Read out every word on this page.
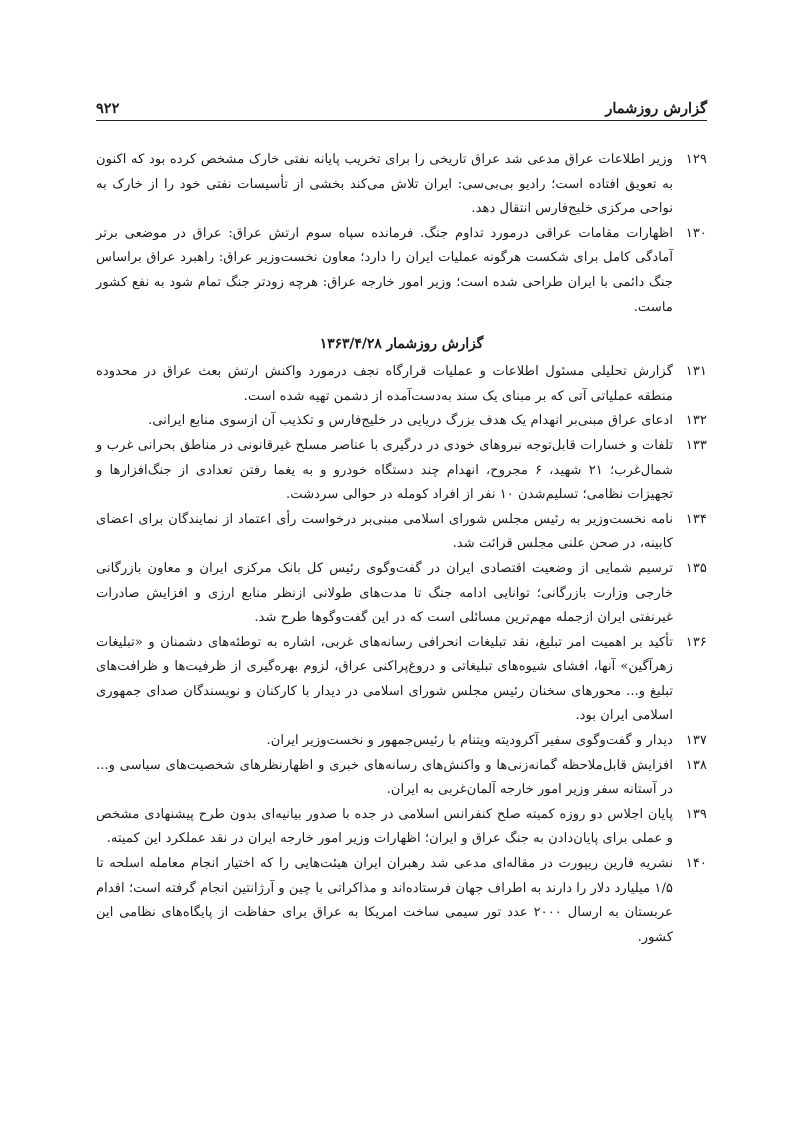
گزارش روزشمار
۹۲۲
۱۲۹
وزیر اطلاعات عراق مدعی شد عراق تاریخی را برای تخریب پایانه نفتی خارک مشخص کرده بود که اکنون به تعویق افتاده است؛ رادیو بی‌بی‌سی: ایران تلاش می‌کند بخشی از تأسیسات نفتی خود را از خارک به نواحی مرکزی خلیج‌فارس انتقال دهد.
۱۳۰
اظهارات مقامات عراقی درمورد تداوم جنگ. فرمانده سپاه سوم ارتش عراق: عراق در موضعی برتر آمادگی کامل برای شکست هرگونه عملیات ایران را دارد؛ معاون نخست‌وزیر عراق: راهبرد عراق براساس جنگ دائمی با ایران طراحی شده است؛ وزیر امور خارجه عراق: هرچه زودتر جنگ تمام شود به نفع کشور ماست.
گزارش روزشمار ۱۳۶۳/۴/۲۸
۱۳۱
گزارش تحلیلی مسئول اطلاعات و عملیات قرارگاه نجف درمورد واکنش ارتش بعث عراق در محدوده منطقه عملیاتی آتی که بر مبنای یک سند به‌دست‌آمده از دشمن تهیه شده است.
۱۳۲
ادعای عراق مبنی‌بر انهدام یک هدف بزرگ دریایی در خلیج‌فارس و تکذیب آن ازسوی منابع ایرانی.
۱۳۳
تلفات و خسارات قابل‌توجه نیروهای خودی در درگیری با عناصر مسلح غیرقانونی در مناطق بحرانی غرب و شمال‌غرب؛ ۲۱ شهید، ۶ مجروح، انهدام چند دستگاه خودرو و به یغما رفتن تعدادی از جنگ‌افزارها و تجهیزات نظامی؛ تسلیم‌شدن ۱۰ نفر از افراد کومله در حوالی سردشت.
۱۳۴
نامه نخست‌وزیر به رئیس مجلس شورای اسلامی مبنی‌بر درخواست رأی اعتماد از نمایندگان برای اعضای کابینه، در صحن علنی مجلس قرائت شد.
۱۳۵
ترسیم شمایی از وضعیت اقتصادی ایران در گفت‌وگوی رئیس کل بانک مرکزی ایران و معاون بازرگانی خارجی وزارت بازرگانی؛ توانایی ادامه جنگ تا مدت‌های طولانی ازنظر منابع ارزی و افزایش صادرات غیرنفتی ایران ازجمله مهم‌ترین مسائلی است که در این گفت‌وگوها طرح شد.
۱۳۶
تأکید بر اهمیت امر تبلیغ، نقد تبلیغات انحرافی رسانه‌های غربی، اشاره به توطئه‌های دشمنان و «تبلیغات زهرآگین» آنها، افشای شیوه‌های تبلیغاتی و دروغ‌پراکنی عراق، لزوم بهره‌گیری از ظرفیت‌ها و ظرافت‌های تبلیغ و... محورهای سخنان رئیس مجلس شورای اسلامی در دیدار با کارکنان و نویسندگان صدای جمهوری اسلامی ایران بود.
۱۳۷
دیدار و گفت‌وگوی سفیر آکرودیته ویتنام با رئیس‌جمهور و نخست‌وزیر ایران.
۱۳۸
افزایش قابل‌ملاحظه گمانه‌زنی‌ها و واکنش‌های رسانه‌های خبری و اظهارنظرهای شخصیت‌های سیاسی و... در آستانه سفر وزیر امور خارجه آلمان‌غربی به ایران.
۱۳۹
پایان اجلاس دو روزه کمیته صلح کنفرانس اسلامی در جده با صدور بیانیه‌ای بدون طرح پیشنهادی مشخص و عملی برای پایان‌دادن به جنگ عراق و ایران؛ اظهارات وزیر امور خارجه ایران در نقد عملکرد این کمیته.
۱۴۰
نشریه فارین ریپورت در مقاله‌ای مدعی شد رهبران ایران هیئت‌هایی را که اختیار انجام معامله اسلحه تا ۱/۵ میلیارد دلار را دارند به اطراف جهان فرستاده‌اند و مذاکراتی با چین و آرژانتین انجام گرفته است؛ اقدام عربستان به ارسال ۲۰۰۰ عدد تور سیمی ساخت امریکا به عراق برای حفاظت از پایگاه‌های نظامی این کشور.
